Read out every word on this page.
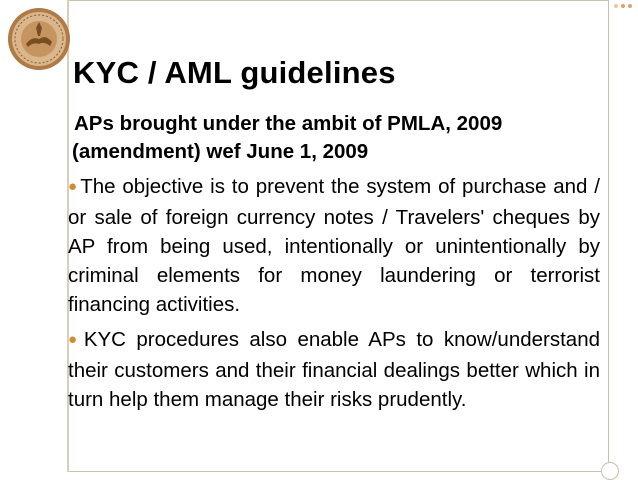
KYC / AML guidelines
APs brought under the ambit of PMLA, 2009
(amendment) wef June 1, 2009
●The objective is to prevent the system of purchase and / or sale of foreign currency notes / Travelers' cheques by AP from being used, intentionally or unintentionally by criminal elements for money laundering or terrorist financing activities.
●KYC procedures also enable APs to know/understand their customers and their financial dealings better which in turn help them manage their risks prudently.
